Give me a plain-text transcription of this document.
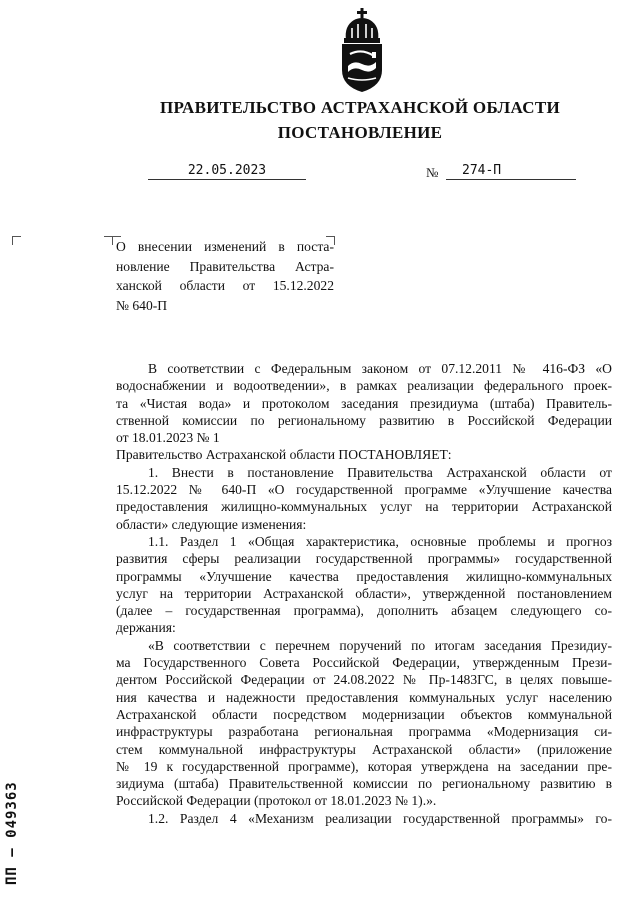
ПРАВИТЕЛЬСТВО АСТРАХАНСКОЙ ОБЛАСТИ
ПОСТАНОВЛЕНИЕ
22.05.2023	№	274-П
О внесении изменений в поста-
новление Правительства Астра-
ханской области от 15.12.2022
№ 640-П
В соответствии с Федеральным законом от 07.12.2011 № 416-ФЗ «О
водоснабжении и водоотведении», в рамках реализации федерального проек-
та «Чистая вода» и протоколом заседания президиума (штаба) Правитель-
ственной комиссии по региональному развитию в Российской Федерации
от 18.01.2023 № 1
Правительство Астраханской области ПОСТАНОВЛЯЕТ:
1. Внести в постановление Правительства Астраханской области от
15.12.2022 № 640-П «О государственной программе «Улучшение качества
предоставления жилищно-коммунальных услуг на территории Астраханской
области» следующие изменения:
1.1. Раздел 1 «Общая характеристика, основные проблемы и прогноз
развития сферы реализации государственной программы» государственной
программы «Улучшение качества предоставления жилищно-коммунальных
услуг на территории Астраханской области», утвержденной постановлением
(далее – государственная программа), дополнить абзацем следующего со-
держания:
«В соответствии с перечнем поручений по итогам заседания Президиу-
ма Государственного Совета Российской Федерации, утвержденным Прези-
дентом Российской Федерации от 24.08.2022 № Пр-1483ГС, в целях повыше-
ния качества и надежности предоставления коммунальных услуг населению
Астраханской области посредством модернизации объектов коммунальной
инфраструктуры разработана региональная программа «Модернизация си-
стем коммунальной инфраструктуры Астраханской области» (приложение
№ 19 к государственной программе), которая утверждена на заседании пре-
зидиума (штаба) Правительственной комиссии по региональному развитию в
Российской Федерации (протокол от 18.01.2023 № 1).».
1.2. Раздел 4 «Механизм реализации государственной программы» го-
ПП – 049363
